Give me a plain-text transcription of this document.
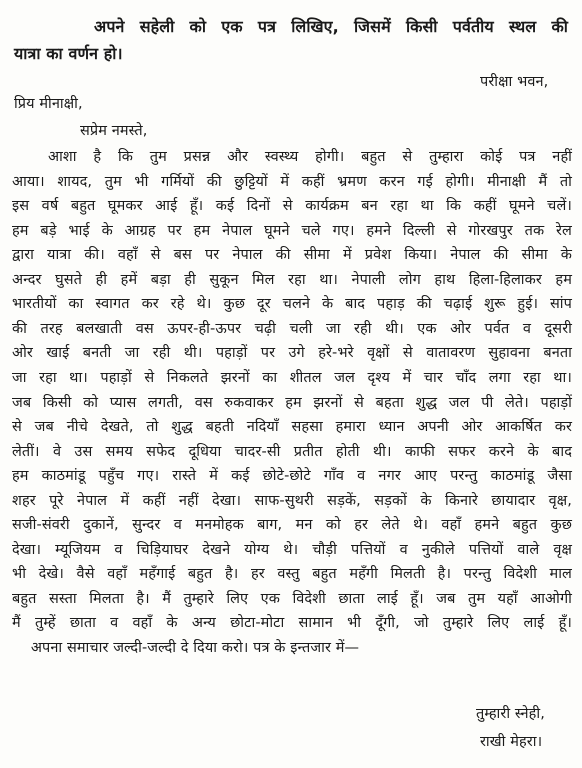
अपने सहेली को एक पत्र लिखिए, जिसमें किसी पर्वतीय स्थल की
यात्रा का वर्णन हो।
परीक्षा भवन,
प्रिय मीनाक्षी,
सप्रेम नमस्ते,
आशा है कि तुम प्रसन्न और स्वस्थ्य होगी। बहुत से तुम्हारा कोई पत्र नहीं
आया। शायद, तुम भी गर्मियों की छुट्टियों में कहीं भ्रमण करन गई होगी। मीनाक्षी मैं तो
इस वर्ष बहुत घूमकर आई हूँ। कई दिनों से कार्यक्रम बन रहा था कि कहीं घूमने चलें।
हम बड़े भाई के आग्रह पर हम नेपाल घूमने चले गए। हमने दिल्ली से गोरखपुर तक रेल
द्वारा यात्रा की। वहाँ से बस पर नेपाल की सीमा में प्रवेश किया। नेपाल की सीमा के
अन्दर घुसते ही हमें बड़ा ही सुकून मिल रहा था। नेपाली लोग हाथ हिला-हिलाकर हम
भारतीयों का स्वागत कर रहे थे। कुछ दूर चलने के बाद पहाड़ की चढ़ाई शुरू हुई। सांप
की तरह बलखाती वस ऊपर-ही-ऊपर चढ़ी चली जा रही थी। एक ओर पर्वत व दूसरी
ओर खाई बनती जा रही थी। पहाड़ों पर उगे हरे-भरे वृक्षों से वातावरण सुहावना बनता
जा रहा था। पहाड़ों से निकलते झरनों का शीतल जल दृश्य में चार चाँद लगा रहा था।
जब किसी को प्यास लगती, वस रुकवाकर हम झरनों से बहता शुद्ध जल पी लेते। पहाड़ों
से जब नीचे देखते, तो शुद्ध बहती नदियाँ सहसा हमारा ध्यान अपनी ओर आकर्षित कर
लेतीं। वे उस समय सफेद दूधिया चादर-सी प्रतीत होती थी। काफी सफर करने के बाद
हम काठमांडू पहुँच गए। रास्ते में कई छोटे-छोटे गाँव व नगर आए परन्तु काठमांडू जैसा
शहर पूरे नेपाल में कहीं नहीं देखा। साफ-सुथरी सड़कें, सड़कों के किनारे छायादार वृक्ष,
सजी-संवरी दुकानें, सुन्दर व मनमोहक बाग, मन को हर लेते थे। वहाँ हमने बहुत कुछ
देखा। म्यूजियम व चिड़ियाघर देखने योग्य थे। चौड़ी पत्तियों व नुकीले पत्तियों वाले वृक्ष
भी देखे। वैसे वहाँ महँगाई बहुत है। हर वस्तु बहुत महँगी मिलती है। परन्तु विदेशी माल
बहुत सस्ता मिलता है। मैं तुम्हारे लिए एक विदेशी छाता लाई हूँ। जब तुम यहाँ आओगी
मैं तुम्हें छाता व वहाँ के अन्य छोटा-मोटा सामान भी दूँगी, जो तुम्हारे लिए लाई हूँ।
अपना समाचार जल्दी-जल्दी दे दिया करो। पत्र के इन्तजार में—
तुम्हारी स्नेही,
राखी मेहरा।
